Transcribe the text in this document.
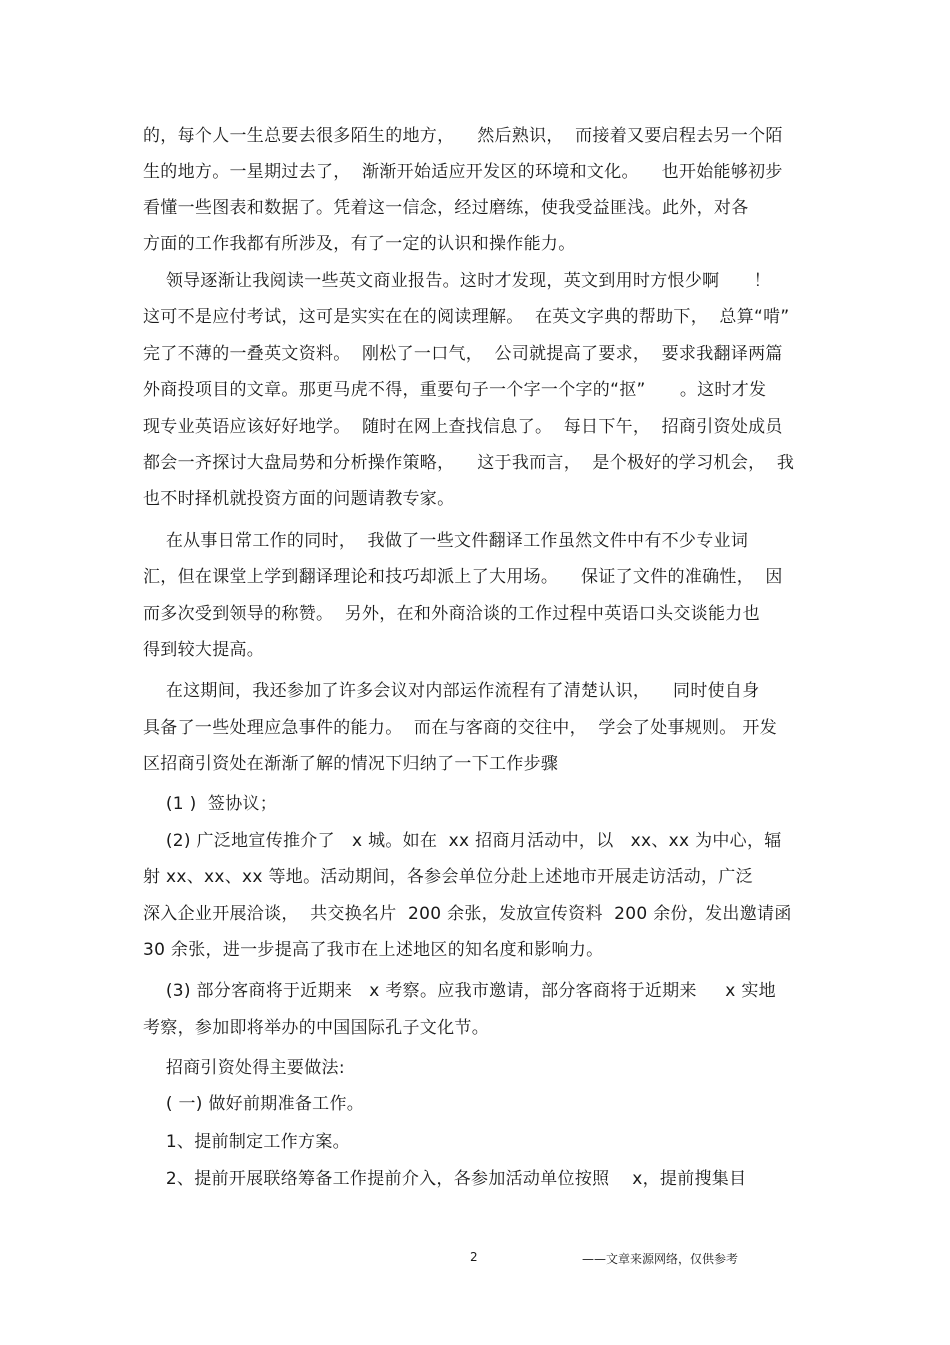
的，每个人一生总要去很多陌生的地方，    然后熟识，  而接着又要启程去另一个陌
生的地方。一星期过去了，  渐渐开始适应开发区的环境和文化。    也开始能够初步
看懂一些图表和数据了。凭着这一信念，经过磨练，使我受益匪浅。此外，对各
方面的工作我都有所涉及，有了一定的认识和操作能力。
领导逐渐让我阅读一些英文商业报告。这时才发现，英文到用时方恨少啊      ！
这可不是应付考试，这可是实实在在的阅读理解。  在英文字典的帮助下，  总算“啃”
完了不薄的一叠英文资料。  刚松了一口气，  公司就提高了要求，  要求我翻译两篇
外商投项目的文章。那更马虎不得，重要句子一个字一个字的“抠”      。这时才发
现专业英语应该好好地学。  随时在网上查找信息了。  每日下午，  招商引资处成员
都会一齐探讨大盘局势和分析操作策略，    这于我而言，  是个极好的学习机会，  我
也不时择机就投资方面的问题请教专家。
在从事日常工作的同时，  我做了一些文件翻译工作虽然文件中有不少专业词
汇，但在课堂上学到翻译理论和技巧却派上了大用场。    保证了文件的准确性，  因
而多次受到领导的称赞。  另外，在和外商洽谈的工作过程中英语口头交谈能力也
得到较大提高。
在这期间，我还参加了许多会议对内部运作流程有了清楚认识，    同时使自身
具备了一些处理应急事件的能力。  而在与客商的交往中，  学会了处事规则。 开发
区招商引资处在渐渐了解的情况下归纳了一下工作步骤
(1 )  签协议；
(2) 广泛地宣传推介了   x 城。如在  xx 招商月活动中，以   xx、xx 为中心，辐
射 xx、xx、xx 等地。活动期间，各参会单位分赴上述地市开展走访活动，广泛
深入企业开展洽谈，  共交换名片  200 余张，发放宣传资料  200 余份，发出邀请函
30 余张，进一步提高了我市在上述地区的知名度和影响力。
(3) 部分客商将于近期来   x 考察。应我市邀请，部分客商将于近期来     x 实地
考察，参加即将举办的中国国际孔子文化节。
招商引资处得主要做法:
( 一) 做好前期准备工作。
1、提前制定工作方案。
2、提前开展联络筹备工作提前介入，各参加活动单位按照    x，提前搜集目
2	——文章来源网络，仅供参考
